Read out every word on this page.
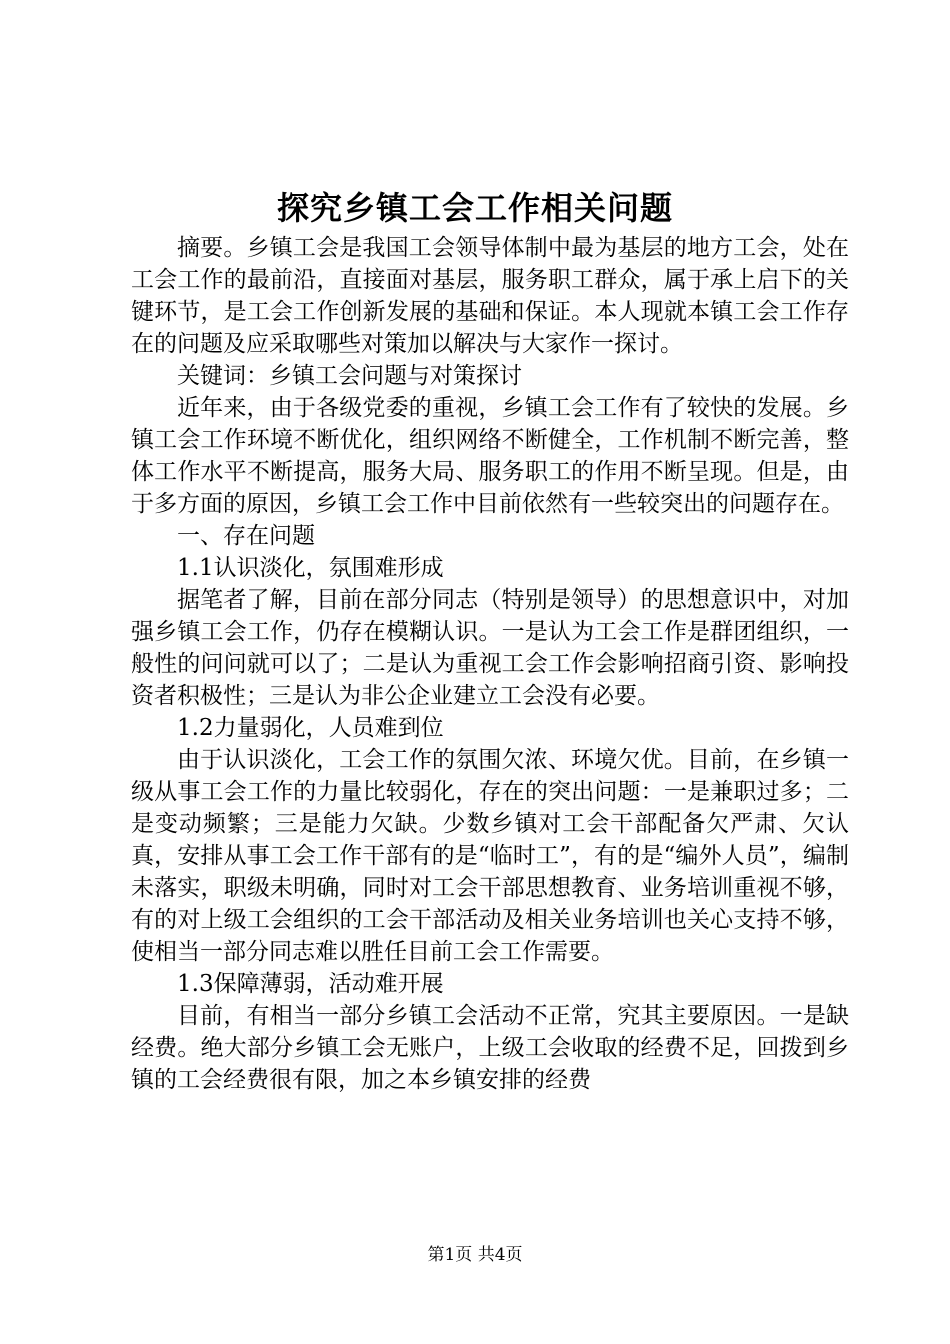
探究乡镇工会工作相关问题

摘要。乡镇工会是我国工会领导体制中最为基层的地方工会，处在工会工作的最前沿，直接面对基层，服务职工群众，属于承上启下的关键环节，是工会工作创新发展的基础和保证。本人现就本镇工会工作存在的问题及应采取哪些对策加以解决与大家作一探讨。

关键词：乡镇工会问题与对策探讨

近年来，由于各级党委的重视，乡镇工会工作有了较快的发展。乡镇工会工作环境不断优化，组织网络不断健全，工作机制不断完善，整体工作水平不断提高，服务大局、服务职工的作用不断呈现。但是，由于多方面的原因，乡镇工会工作中目前依然有一些较突出的问题存在。

一、存在问题

1.1认识淡化，氛围难形成

据笔者了解，目前在部分同志（特别是领导）的思想意识中，对加强乡镇工会工作，仍存在模糊认识。一是认为工会工作是群团组织，一般性的问问就可以了；二是认为重视工会工作会影响招商引资、影响投资者积极性；三是认为非公企业建立工会没有必要。

1.2力量弱化，人员难到位

由于认识淡化，工会工作的氛围欠浓、环境欠优。目前，在乡镇一级从事工会工作的力量比较弱化，存在的突出问题：一是兼职过多；二是变动频繁；三是能力欠缺。少数乡镇对工会干部配备欠严肃、欠认真，安排从事工会工作干部有的是“临时工”，有的是“编外人员”，编制未落实，职级未明确，同时对工会干部思想教育、业务培训重视不够，有的对上级工会组织的工会干部活动及相关业务培训也关心支持不够，使相当一部分同志难以胜任目前工会工作需要。

1.3保障薄弱，活动难开展

目前，有相当一部分乡镇工会活动不正常，究其主要原因。一是缺经费。绝大部分乡镇工会无账户，上级工会收取的经费不足，回拨到乡镇的工会经费很有限，加之本乡镇安排的经费

第1页 共4页
